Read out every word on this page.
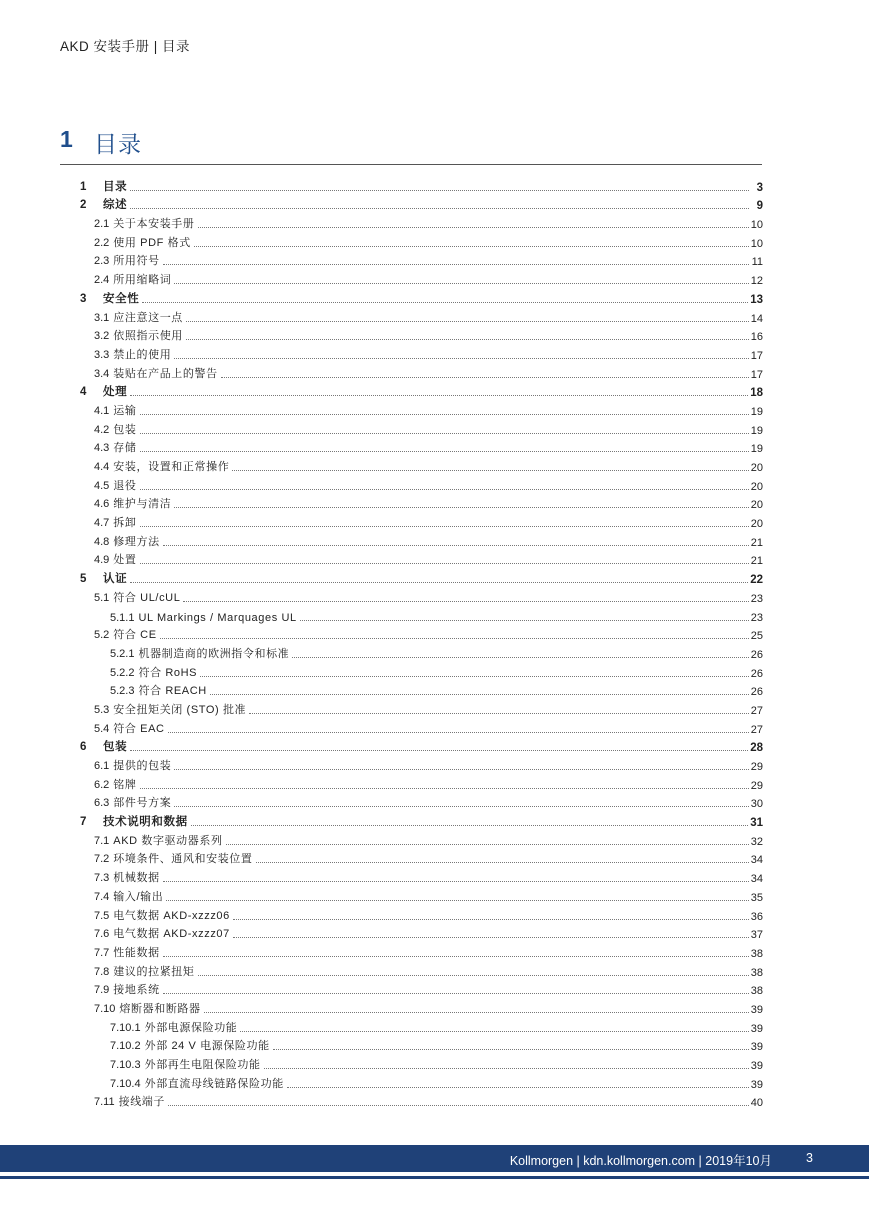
AKD 安装手册 | 目录
1 目录
1 目录	3
2 综述	9
2.1 关于本安装手册	10
2.2 使用 PDF 格式	10
2.3 所用符号	11
2.4 所用缩略词	12
3 安全性	13
3.1 应注意这一点	14
3.2 依照指示使用	16
3.3 禁止的使用	17
3.4 装贴在产品上的警告	17
4 处理	18
4.1 运输	19
4.2 包装	19
4.3 存储	19
4.4 安装，设置和正常操作	20
4.5 退役	20
4.6 维护与清洁	20
4.7 拆卸	20
4.8 修理方法	21
4.9 处置	21
5 认证	22
5.1 符合 UL/cUL	23
5.1.1 UL Markings / Marquages UL	23
5.2 符合 CE	25
5.2.1 机器制造商的欧洲指令和标准	26
5.2.2 符合 RoHS	26
5.2.3 符合 REACH	26
5.3 安全扭矩关闭 (STO) 批准	27
5.4 符合 EAC	27
6 包装	28
6.1 提供的包装	29
6.2 铭牌	29
6.3 部件号方案	30
7 技术说明和数据	31
7.1 AKD 数字驱动器系列	32
7.2 环境条件、通风和安装位置	34
7.3 机械数据	34
7.4 输入/输出	35
7.5 电气数据 AKD-xzzz06	36
7.6 电气数据 AKD-xzzz07	37
7.7 性能数据	38
7.8 建议的拉紧扭矩	38
7.9 接地系统	38
7.10 熔断器和断路器	39
7.10.1 外部电源保险功能	39
7.10.2 外部 24 V 电源保险功能	39
7.10.3 外部再生电阻保险功能	39
7.10.4 外部直流母线链路保险功能	39
7.11 接线端子	40
Kollmorgen | kdn.kollmorgen.com | 2019年10月	3
